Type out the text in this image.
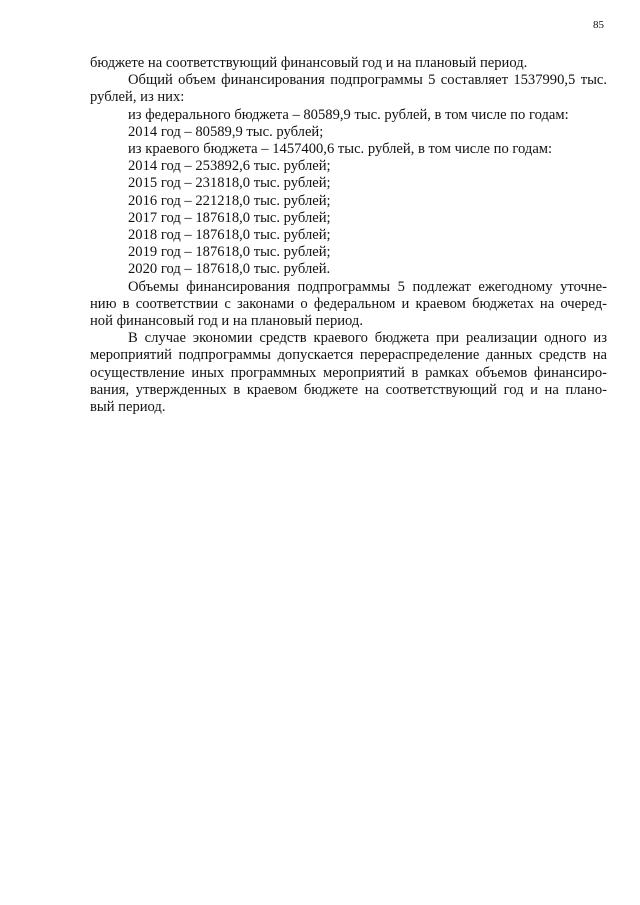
85
бюджете на соответствующий финансовый год и на плановый период.
Общий объем финансирования подпрограммы 5 составляет 1537990,5 тыс.
рублей, из них:
из федерального бюджета – 80589,9 тыс. рублей, в том числе по годам:
2014 год – 80589,9 тыс. рублей;
из краевого бюджета – 1457400,6 тыс. рублей, в том числе по годам:
2014 год – 253892,6 тыс. рублей;
2015 год – 231818,0 тыс. рублей;
2016 год – 221218,0 тыс. рублей;
2017 год – 187618,0 тыс. рублей;
2018 год – 187618,0 тыс. рублей;
2019 год – 187618,0 тыс. рублей;
2020 год – 187618,0 тыс. рублей.
Объемы финансирования подпрограммы 5 подлежат ежегодному уточне-
нию в соответствии с законами о федеральном и краевом бюджетах на очеред-
ной финансовый год и на плановый период.
В случае экономии средств краевого бюджета при реализации одного из
мероприятий подпрограммы допускается перераспределение данных средств на
осуществление иных программных мероприятий в рамках объемов финансиро-
вания, утвержденных в краевом бюджете на соответствующий год и на плано-
вый период.
